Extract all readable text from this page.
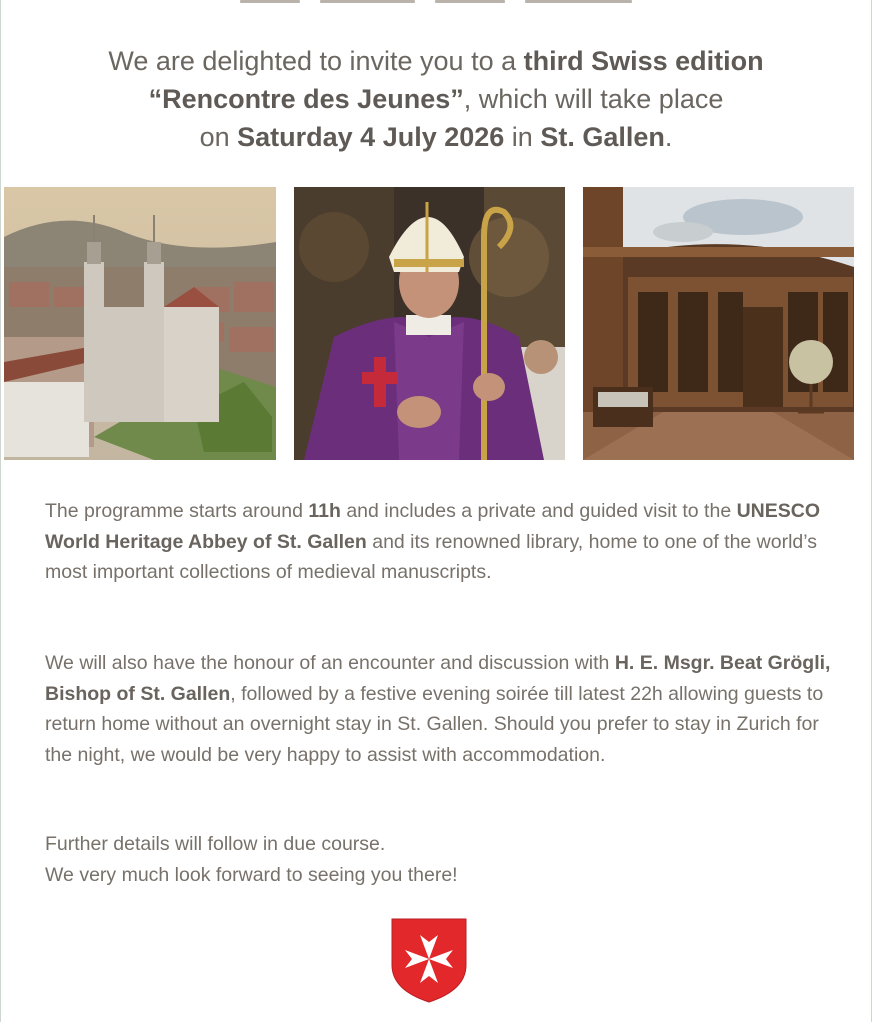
We are delighted to invite you to a third Swiss edition
“Rencontre des Jeunes”, which will take place
on Saturday 4 July 2026 in St. Gallen.
The programme starts around 11h and includes a private and guided visit to the UNESCO World Heritage Abbey of St. Gallen and its renowned library, home to one of the world’s most important collections of medieval manuscripts.
We will also have the honour of an encounter and discussion with H. E. Msgr. Beat Grögli, Bishop of St. Gallen, followed by a festive evening soirée till latest 22h allowing guests to return home without an overnight stay in St. Gallen. Should you prefer to stay in Zurich for the night, we would be very happy to assist with accommodation.
Further details will follow in due course.
We very much look forward to seeing you there!
